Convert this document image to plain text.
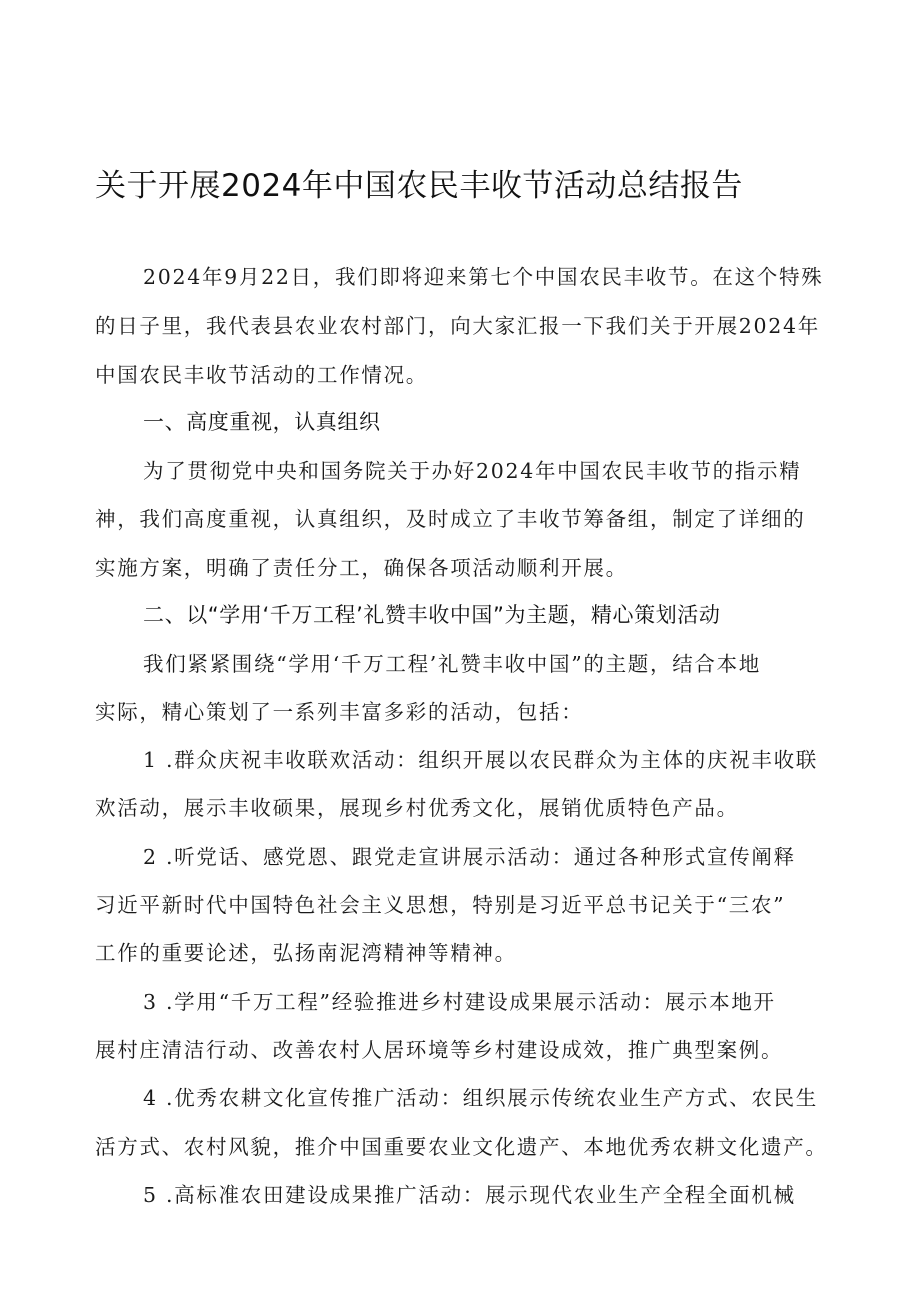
关于开展2024年中国农民丰收节活动总结报告
2024年9月22日，我们即将迎来第七个中国农民丰收节。在这个特殊
的日子里，我代表县农业农村部门，向大家汇报一下我们关于开展2024年
中国农民丰收节活动的工作情况。
一、高度重视，认真组织
为了贯彻党中央和国务院关于办好2024年中国农民丰收节的指示精
神，我们高度重视，认真组织，及时成立了丰收节筹备组，制定了详细的
实施方案，明确了责任分工，确保各项活动顺利开展。
二、以“学用‘千万工程’礼赞丰收中国”为主题，精心策划活动
我们紧紧围绕“学用‘千万工程’礼赞丰收中国”的主题，结合本地
实际，精心策划了一系列丰富多彩的活动，包括：
1 .群众庆祝丰收联欢活动：组织开展以农民群众为主体的庆祝丰收联
欢活动，展示丰收硕果，展现乡村优秀文化，展销优质特色产品。
2 .听党话、感党恩、跟党走宣讲展示活动：通过各种形式宣传阐释
习近平新时代中国特色社会主义思想，特别是习近平总书记关于“三农”
工作的重要论述，弘扬南泥湾精神等精神。
3 .学用“千万工程”经验推进乡村建设成果展示活动：展示本地开
展村庄清洁行动、改善农村人居环境等乡村建设成效，推广典型案例。
4 .优秀农耕文化宣传推广活动：组织展示传统农业生产方式、农民生
活方式、农村风貌，推介中国重要农业文化遗产、本地优秀农耕文化遗产。
5 .高标准农田建设成果推广活动：展示现代农业生产全程全面机械
